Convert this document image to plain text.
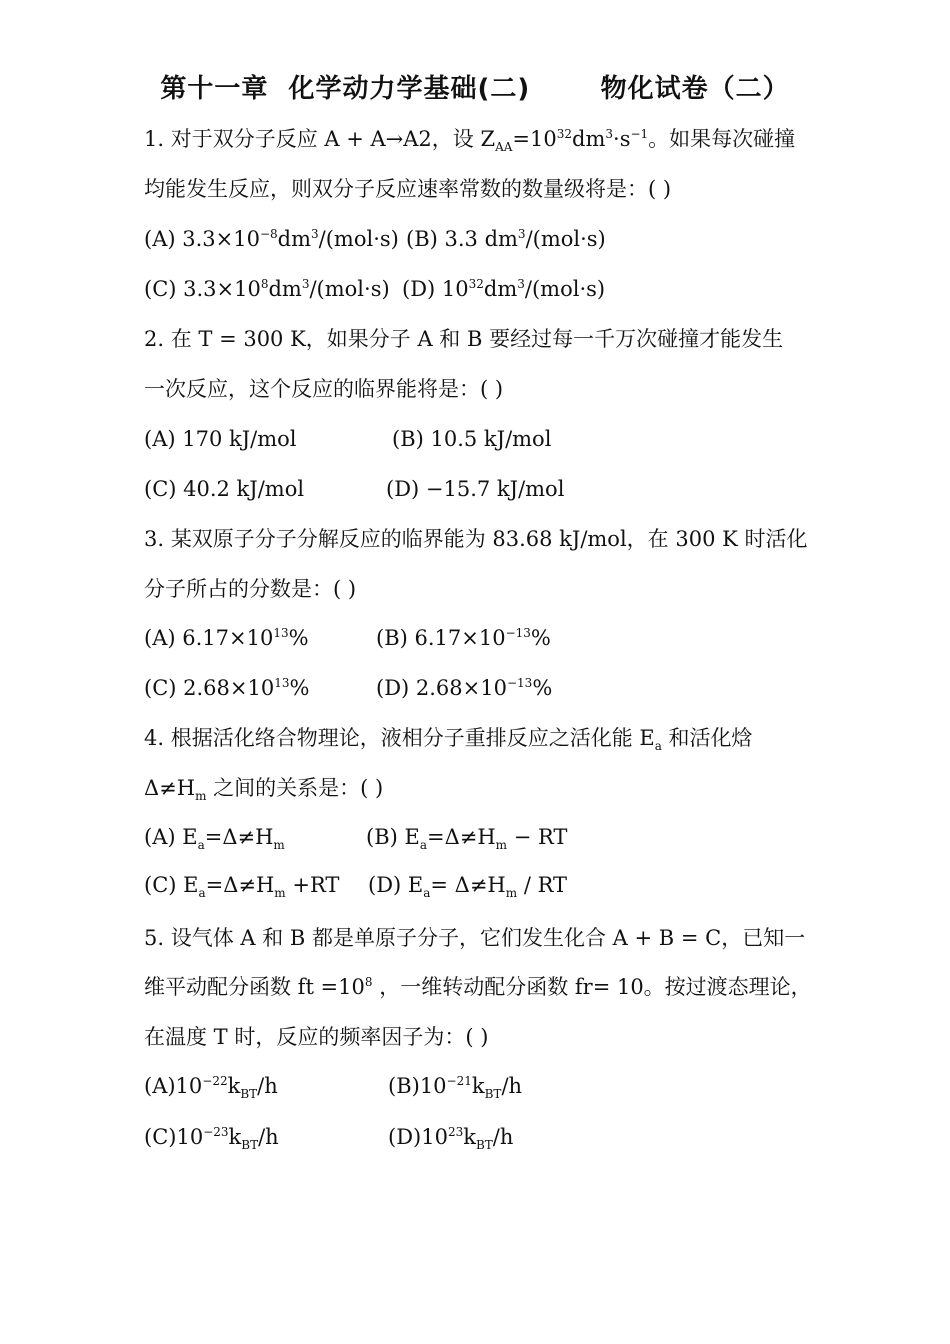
第十一章  化学动力学基础(二)       物化试卷（二）
1. 对于双分子反应 A + A→A2，设 $Z_{AA}=10^{32}dm^3\cdot s^{-1}$。如果每次碰撞
均能发生反应，则双分子反应速率常数的数量级将是：( )
(A) $3.3\times 10^{-8}dm^3/(mol\cdot s)$ (B) 3.3 $dm^3/(mol\cdot s)$
(C) $3.3\times 10^8dm^3/(mol\cdot s)$ (D) $10^{32}dm^3/(mol\cdot s)$
2. 在 T = 300 K，如果分子 A 和 B 要经过每一千万次碰撞才能发生
一次反应，这个反应的临界能将是：( )
(A) 170 kJ/mol	(B) 10.5 kJ/mol
(C) 40.2 kJ/mol	(D) −15.7 kJ/mol
3. 某双原子分子分解反应的临界能为 83.68 kJ/mol，在 300 K 时活化
分子所占的分数是：( )
(A) $6.17\times 10^{13}\%$	(B) $6.17\times 10^{-13}\%$
(C) $2.68\times 10^{13}\%$	(D) $2.68\times 10^{-13}\%$
4. 根据活化络合物理论，液相分子重排反应之活化能 $E_a$ 和活化焓
$\Delta\ne H_m$ 之间的关系是：( )
(A) $E_a=\Delta\ne H_m$	(B) $E_a=\Delta\ne H_m$ − RT
(C) $E_a=\Delta\ne H_m +RT$ (D) $E_a= \Delta\ne H_m$ / RT
5. 设气体 A 和 B 都是单原子分子，它们发生化合 A + B = C，已知一
维平动配分函数 ft $=10^8$ ，一维转动配分函数 fr= 10。按过渡态理论，
在温度 T 时，反应的频率因子为：( )
$(A)10^{-22}k_{BT}/h$	$(B)10^{-21}k_{BT}/h$
$(C)10^{-23}k_{BT}/h$	$(D)10^{23}k_{BT}/h$
